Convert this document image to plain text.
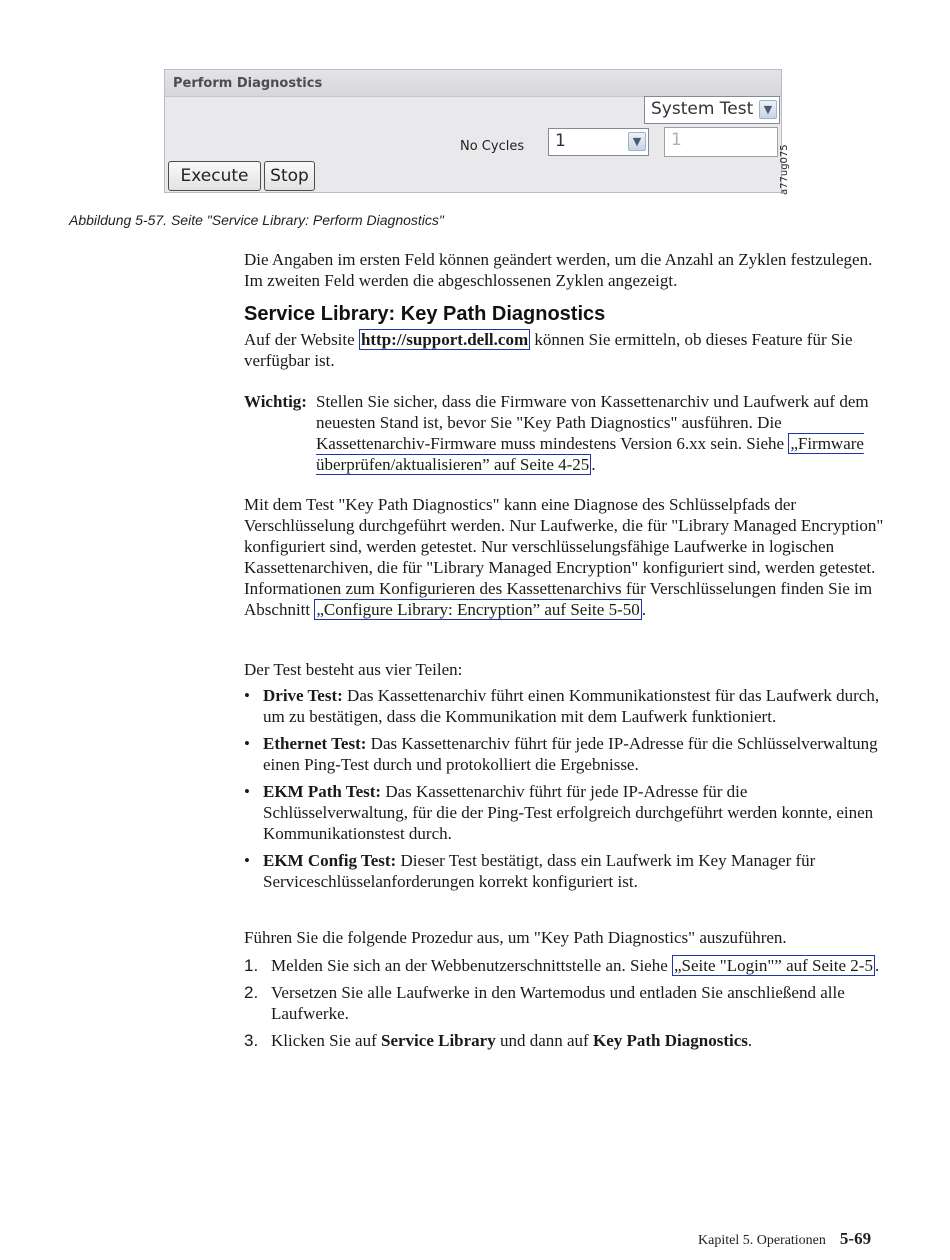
Perform Diagnostics
System Test ▼
No Cycles 1	▼ 1
Execute	Stop	a77ug075
Abbildung 5-57. Seite "Service Library: Perform Diagnostics"

Die Angaben im ersten Feld können geändert werden, um die Anzahl an Zyklen festzulegen. Im zweiten Feld werden die abgeschlossenen Zyklen angezeigt.

Service Library: Key Path Diagnostics

Auf der Website http://support.dell.com können Sie ermitteln, ob dieses Feature für Sie verfügbar ist.

Wichtig: Stellen Sie sicher, dass die Firmware von Kassettenarchiv und Laufwerk auf dem neuesten Stand ist, bevor Sie "Key Path Diagnostics" ausführen. Die Kassettenarchiv-Firmware muss mindestens Version 6.xx sein. Siehe „Firmware überprüfen/aktualisieren” auf Seite 4-25 .

Mit dem Test "Key Path Diagnostics" kann eine Diagnose des Schlüsselpfads der Verschlüsselung durchgeführt werden. Nur Laufwerke, die für "Library Managed Encryption" konfiguriert sind, werden getestet. Nur verschlüsselungsfähige Laufwerke in logischen Kassettenarchiven, die für "Library Managed Encryption" konfiguriert sind, werden getestet. Informationen zum Konfigurieren des Kassettenarchivs für Verschlüsselungen finden Sie im Abschnitt „Configure Library: Encryption” auf Seite 5-50 .

Der Test besteht aus vier Teilen:

• Drive Test: Das Kassettenarchiv führt einen Kommunikationstest für das Laufwerk durch, um zu bestätigen, dass die Kommunikation mit dem Laufwerk funktioniert.
• Ethernet Test: Das Kassettenarchiv führt für jede IP-Adresse für die Schlüsselverwaltung einen Ping-Test durch und protokolliert die Ergebnisse.
• EKM Path Test: Das Kassettenarchiv führt für jede IP-Adresse für die Schlüsselverwaltung, für die der Ping-Test erfolgreich durchgeführt werden konnte, einen Kommunikationstest durch.
• EKM Config Test: Dieser Test bestätigt, dass ein Laufwerk im Key Manager für Serviceschlüsselanforderungen korrekt konfiguriert ist.

Führen Sie die folgende Prozedur aus, um "Key Path Diagnostics" auszuführen.

1. Melden Sie sich an der Webbenutzerschnittstelle an. Siehe „Seite "Login"” auf Seite 2-5 .
2. Versetzen Sie alle Laufwerke in den Wartemodus und entladen Sie anschließend alle Laufwerke.
3. Klicken Sie auf Service Library und dann auf Key Path Diagnostics.
Kapitel 5. Operationen 5-69
